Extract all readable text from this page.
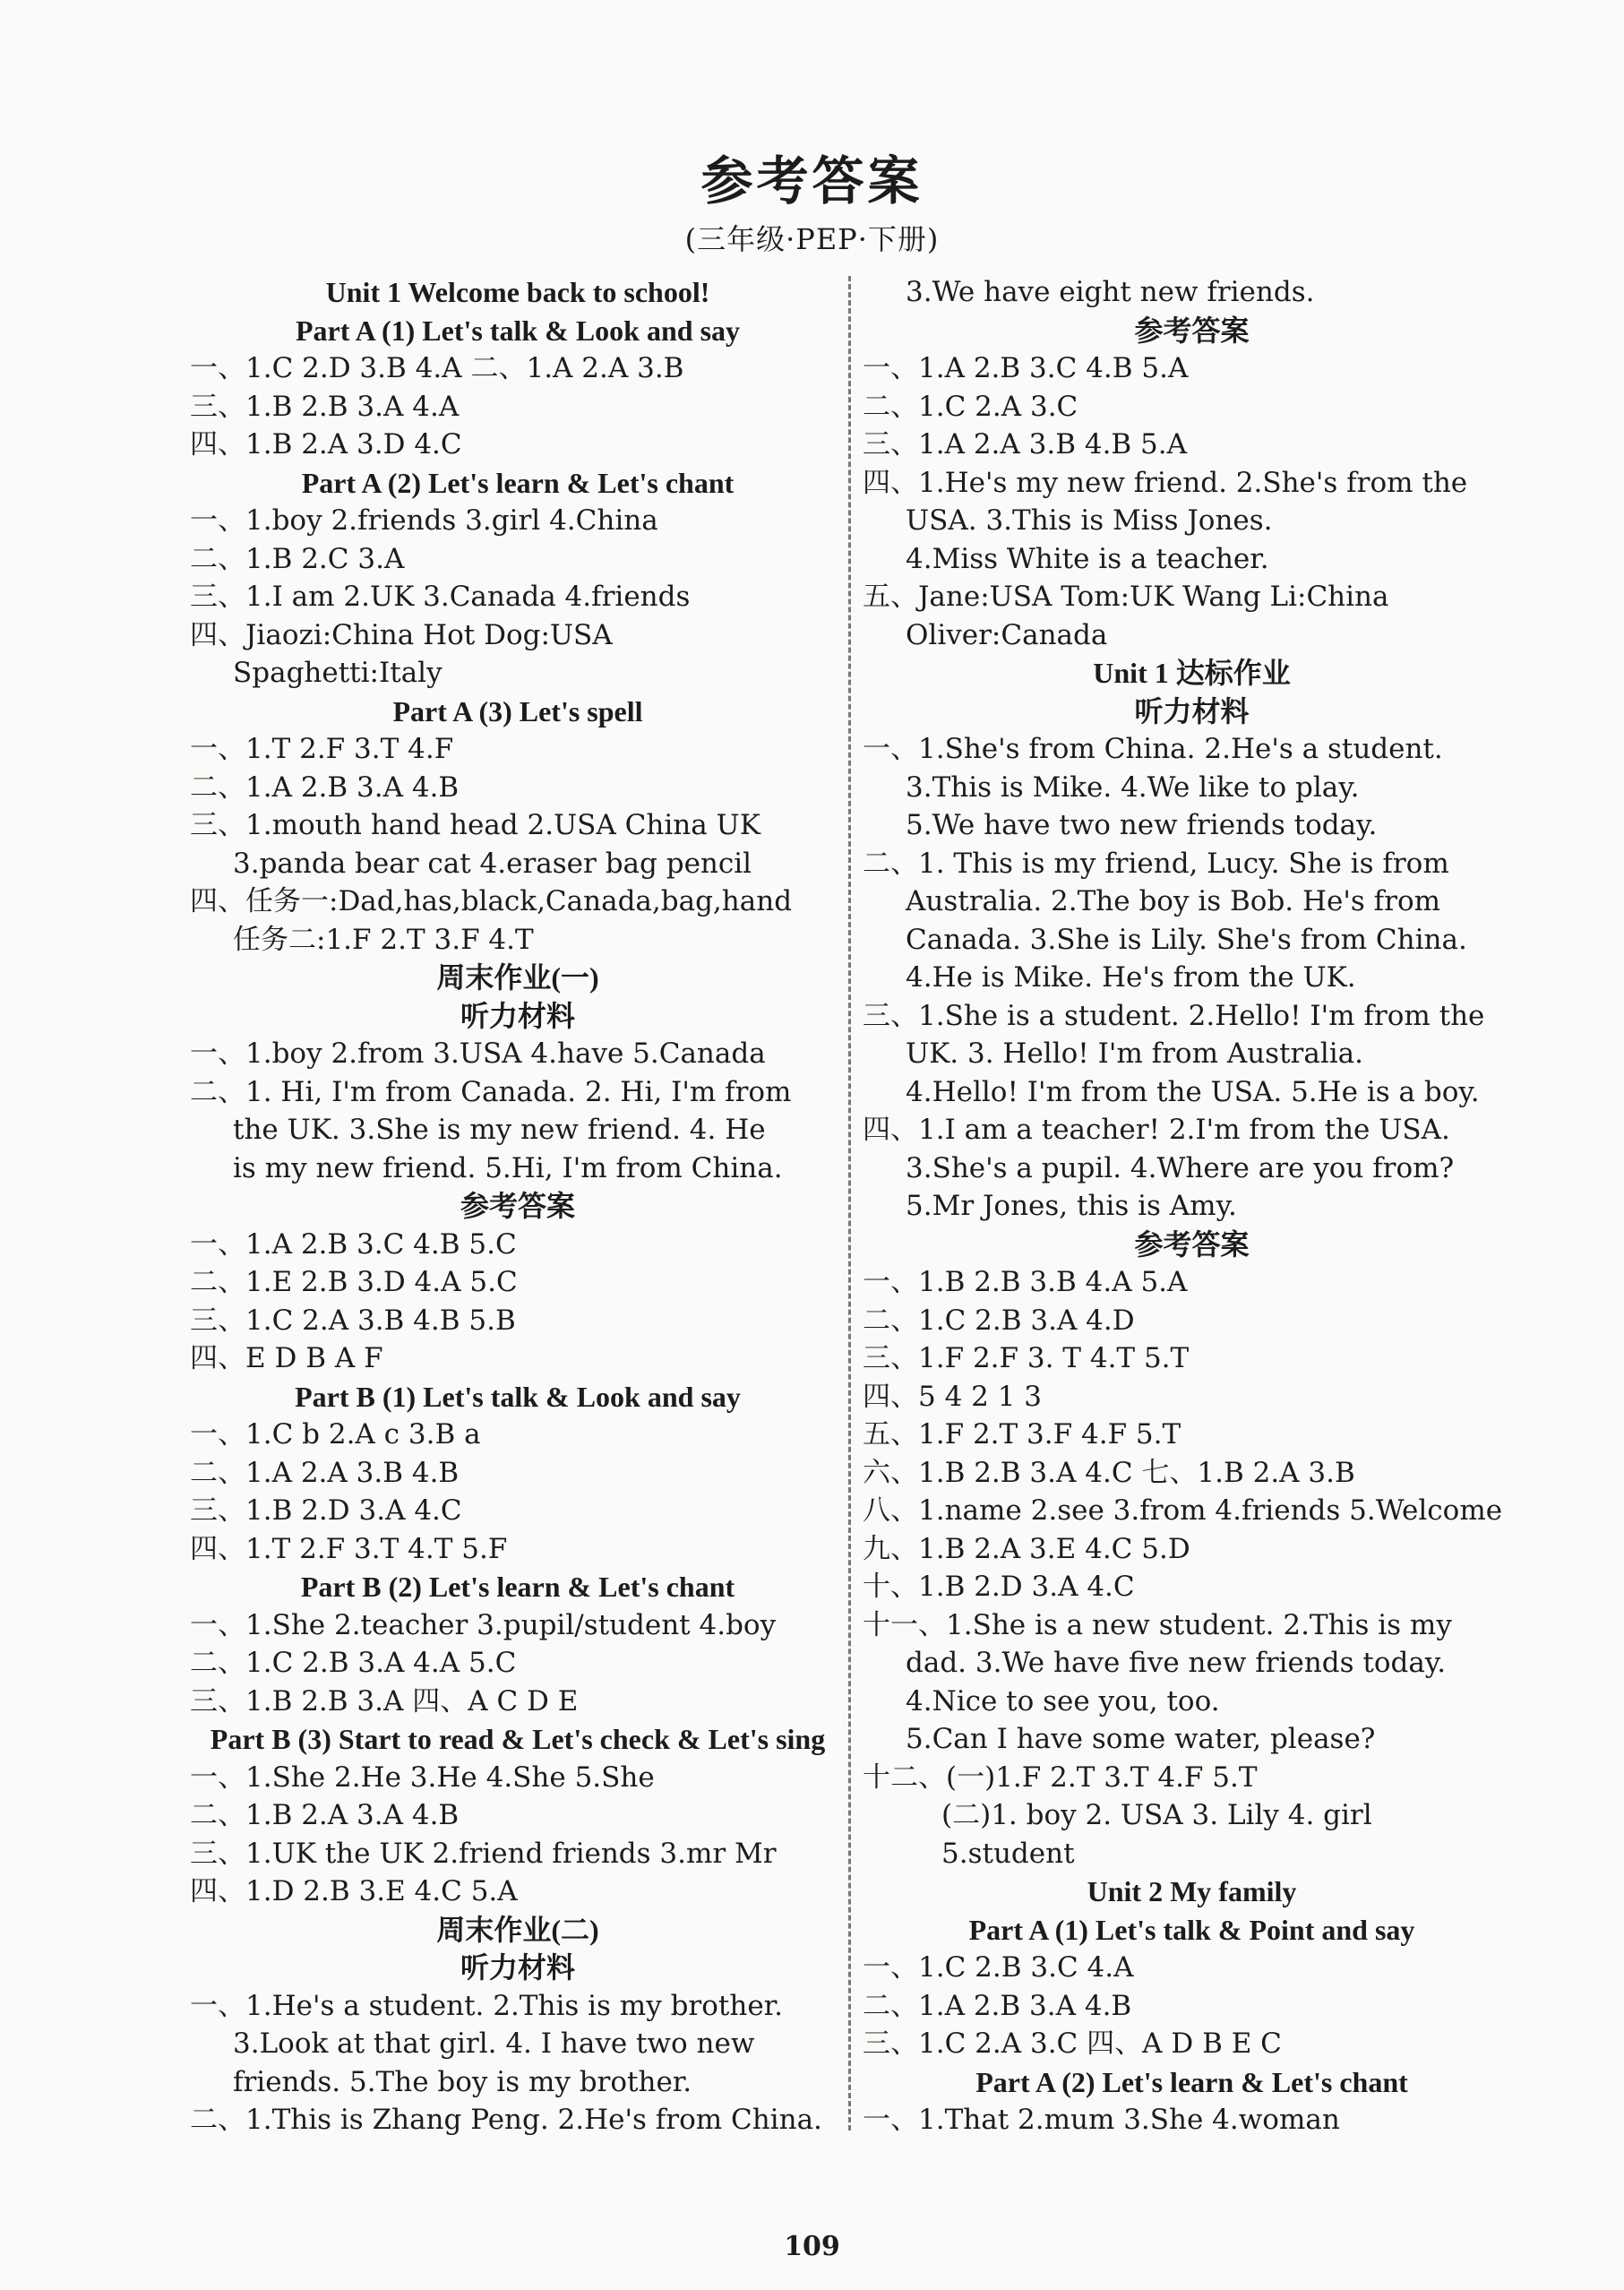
参考答案
(三年级·PEP·下册)
Unit 1 Welcome back to school!
Part A (1) Let's talk & Look and say
一、1.C 2.D 3.B 4.A 二、1.A 2.A 3.B
三、1.B 2.B 3.A 4.A
四、1.B 2.A 3.D 4.C
Part A (2) Let's learn & Let's chant
一、1.boy 2.friends 3.girl 4.China
二、1.B 2.C 3.A
三、1.I am 2.UK 3.Canada 4.friends
四、Jiaozi:China Hot Dog:USA
Spaghetti:Italy
Part A (3) Let's spell
一、1.T 2.F 3.T 4.F
二、1.A 2.B 3.A 4.B
三、1.mouth hand head 2.USA China UK
3.panda bear cat 4.eraser bag pencil
四、任务一:Dad,has,black,Canada,bag,hand
任务二:1.F 2.T 3.F 4.T
周末作业(一)
听力材料
一、1.boy 2.from 3.USA 4.have 5.Canada
二、1. Hi, I'm from Canada. 2. Hi, I'm from
the UK. 3.She is my new friend. 4. He
is my new friend. 5.Hi, I'm from China.
参考答案
一、1.A 2.B 3.C 4.B 5.C
二、1.E 2.B 3.D 4.A 5.C
三、1.C 2.A 3.B 4.B 5.B
四、E D B A F
Part B (1) Let's talk & Look and say
一、1.C b 2.A c 3.B a
二、1.A 2.A 3.B 4.B
三、1.B 2.D 3.A 4.C
四、1.T 2.F 3.T 4.T 5.F
Part B (2) Let's learn & Let's chant
一、1.She 2.teacher 3.pupil/student 4.boy
二、1.C 2.B 3.A 4.A 5.C
三、1.B 2.B 3.A 四、A C D E
Part B (3) Start to read & Let's check & Let's sing
一、1.She 2.He 3.He 4.She 5.She
二、1.B 2.A 3.A 4.B
三、1.UK the UK 2.friend friends 3.mr Mr
四、1.D 2.B 3.E 4.C 5.A
周末作业(二)
听力材料
一、1.He's a student. 2.This is my brother.
3.Look at that girl. 4. I have two new
friends. 5.The boy is my brother.
二、1.This is Zhang Peng. 2.He's from China.
3.We have eight new friends.
参考答案
一、1.A 2.B 3.C 4.B 5.A
二、1.C 2.A 3.C
三、1.A 2.A 3.B 4.B 5.A
四、1.He's my new friend. 2.She's from the
USA. 3.This is Miss Jones.
4.Miss White is a teacher.
五、Jane:USA Tom:UK Wang Li:China
Oliver:Canada
Unit 1 达标作业
听力材料
一、1.She's from China. 2.He's a student.
3.This is Mike. 4.We like to play.
5.We have two new friends today.
二、1. This is my friend, Lucy. She is from
Australia. 2.The boy is Bob. He's from
Canada. 3.She is Lily. She's from China.
4.He is Mike. He's from the UK.
三、1.She is a student. 2.Hello! I'm from the
UK. 3. Hello! I'm from Australia.
4.Hello! I'm from the USA. 5.He is a boy.
四、1.I am a teacher! 2.I'm from the USA.
3.She's a pupil. 4.Where are you from?
5.Mr Jones, this is Amy.
参考答案
一、1.B 2.B 3.B 4.A 5.A
二、1.C 2.B 3.A 4.D
三、1.F 2.F 3. T 4.T 5.T
四、5 4 2 1 3
五、1.F 2.T 3.F 4.F 5.T
六、1.B 2.B 3.A 4.C 七、1.B 2.A 3.B
八、1.name 2.see 3.from 4.friends 5.Welcome
九、1.B 2.A 3.E 4.C 5.D
十、1.B 2.D 3.A 4.C
十一、1.She is a new student. 2.This is my
dad. 3.We have five new friends today.
4.Nice to see you, too.
5.Can I have some water, please?
十二、(一)1.F 2.T 3.T 4.F 5.T
(二)1. boy 2. USA 3. Lily 4. girl
5.student
Unit 2 My family
Part A (1) Let's talk & Point and say
一、1.C 2.B 3.C 4.A
二、1.A 2.B 3.A 4.B
三、1.C 2.A 3.C 四、A D B E C
Part A (2) Let's learn & Let's chant
一、1.That 2.mum 3.She 4.woman
109
